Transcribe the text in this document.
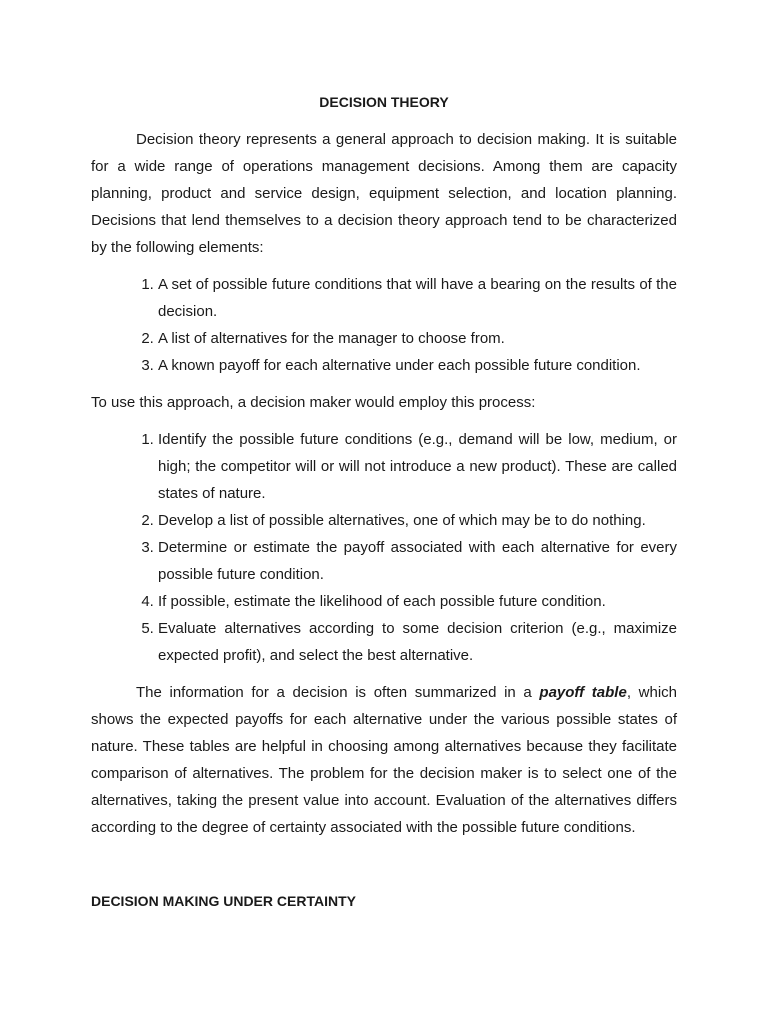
DECISION THEORY

Decision theory represents a general approach to decision making. It is suitable for a wide range of operations management decisions. Among them are capacity planning, product and service design, equipment selection, and location planning. Decisions that lend themselves to a decision theory approach tend to be characterized by the following elements:

1. A set of possible future conditions that will have a bearing on the results of the decision.
2. A list of alternatives for the manager to choose from.
3. A known payoff for each alternative under each possible future condition.

To use this approach, a decision maker would employ this process:

1. Identify the possible future conditions (e.g., demand will be low, medium, or high; the competitor will or will not introduce a new product). These are called states of nature.
2. Develop a list of possible alternatives, one of which may be to do nothing.
3. Determine or estimate the payoff associated with each alternative for every possible future condition.
4. If possible, estimate the likelihood of each possible future condition.
5. Evaluate alternatives according to some decision criterion (e.g., maximize expected profit), and select the best alternative.

The information for a decision is often summarized in a payoff table, which shows the expected payoffs for each alternative under the various possible states of nature. These tables are helpful in choosing among alternatives because they facilitate comparison of alternatives. The problem for the decision maker is to select one of the alternatives, taking the present value into account. Evaluation of the alternatives differs according to the degree of certainty associated with the possible future conditions.

DECISION MAKING UNDER CERTAINTY
